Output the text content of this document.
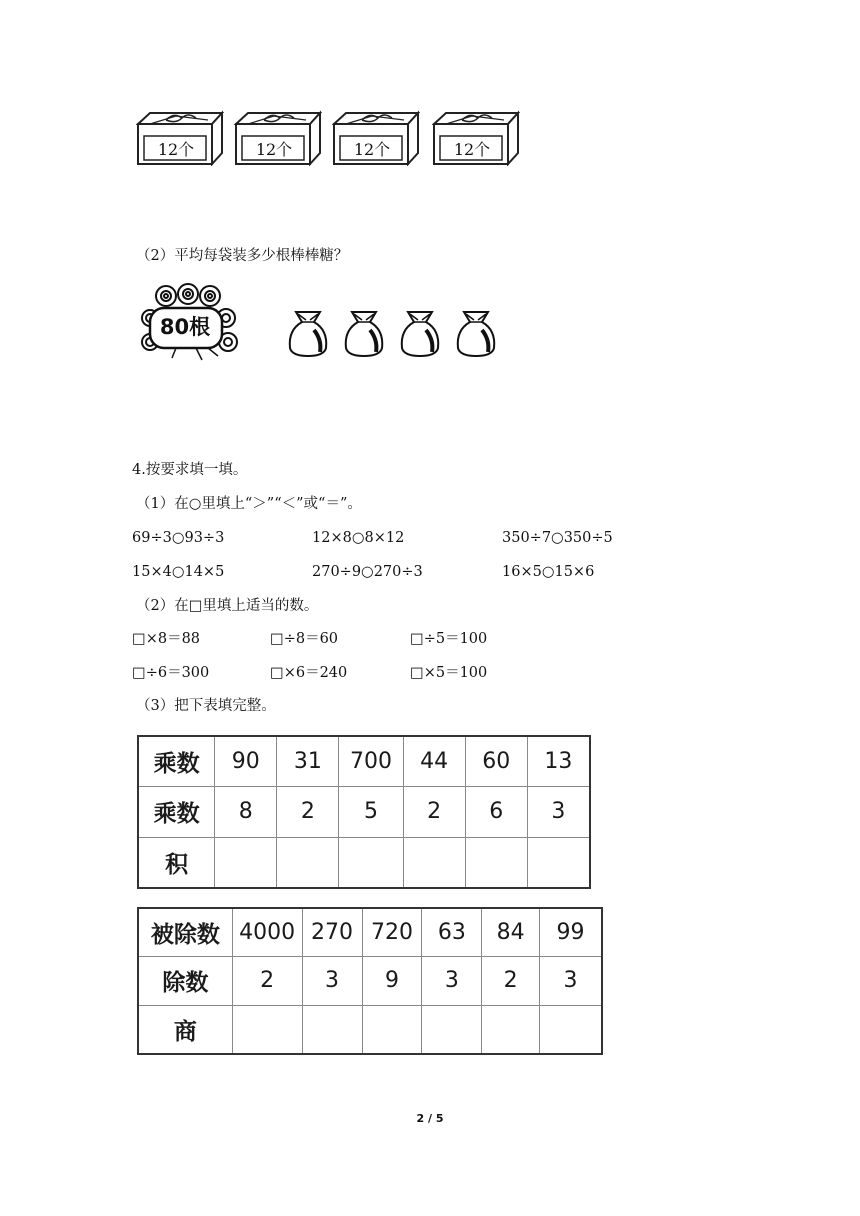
12个	12个	12个	12个
（2）平均每袋装多少根棒棒糖？
80根
4.按要求填一填。
（1）在○里填上“＞”“＜”或“＝”。
69÷3○93÷3	12×8○8×12	350÷7○350÷5
15×4○14×5	270÷9○270÷3	16×5○15×6
（2）在□里填上适当的数。
□×8＝88	□÷8＝60	□÷5＝100
□÷6＝300	□×6＝240	□×5＝100
（3）把下表填完整。
乘数	90	31	700	44	60	13
乘数	8	2	5	2	6	3
积						
被除数	4000	270	720	63	84	99
除数	2	3	9	3	2	3
商						
2 / 5
